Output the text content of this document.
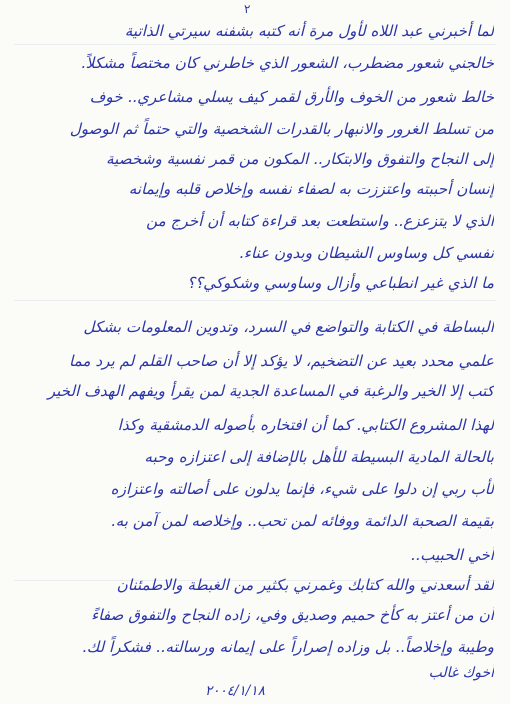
٢
لما أخبرني عبد اللاه لأول مرة أنه كتبه بشفنه سيرتي الذاتية
خالجني شعور مضطرب، الشعور الذي خاطرني كان مختصاً مشكلاً.
خالط شعور من الخوف والأرق لقمر كيف يسلي مشاعري.. خوف
من تسلط الغرور والانبهار بالقدرات الشخصية والتي حتماً ثم الوصول
إلى النجاح والتفوق والابتكار.. المكون من قمر نفسية وشخصية
إنسان أحببته واعتززت به لصفاء نفسه وإخلاص قلبه وإيمانه
الذي لا يتزعزع.. واستطعت بعد قراءة كتابه أن أخرج من
نفسي كل وساوس الشيطان وبدون عناء.
ما الذي غير انطباعي وأزال وساوسي وشكوكي؟؟
البساطة في الكتابة والتواضع في السرد، وتدوين المعلومات بشكل
علمي محدد بعيد عن التضخيم، لا يؤكد إلا أن صاحب القلم لم يرد مما
كتب إلا الخير والرغبة في المساعدة الجدية لمن يقرأ ويفهم الهدف الخير
لهذا المشروع الكتابي. كما أن افتخاره بأصوله الدمشقية وكذا
بالحالة المادية البسيطة للأهل بالإضافة إلى اعتزازه وحبه
لأب ربي إن دلوا على شيء، فإنما يدلون على أصالته واعتزازه
بقيمة الصحبة الدائمة ووفائه لمن تحب.. وإخلاصه لمن آمن به.
أخي الحبيب..
لقد أسعدني والله كتابك وغمرني بكثير من الغبطة والاطمئنان
أن من أعتز به كأخ حميم وصديق وفي، زاده النجاح والتفوق صفاءً
وطيبة وإخلاصاً.. بل وزاده إصراراً على إيمانه ورسالته.. فشكراً لك.
أخوك غالب
٢٠٠٤/١/١٨
